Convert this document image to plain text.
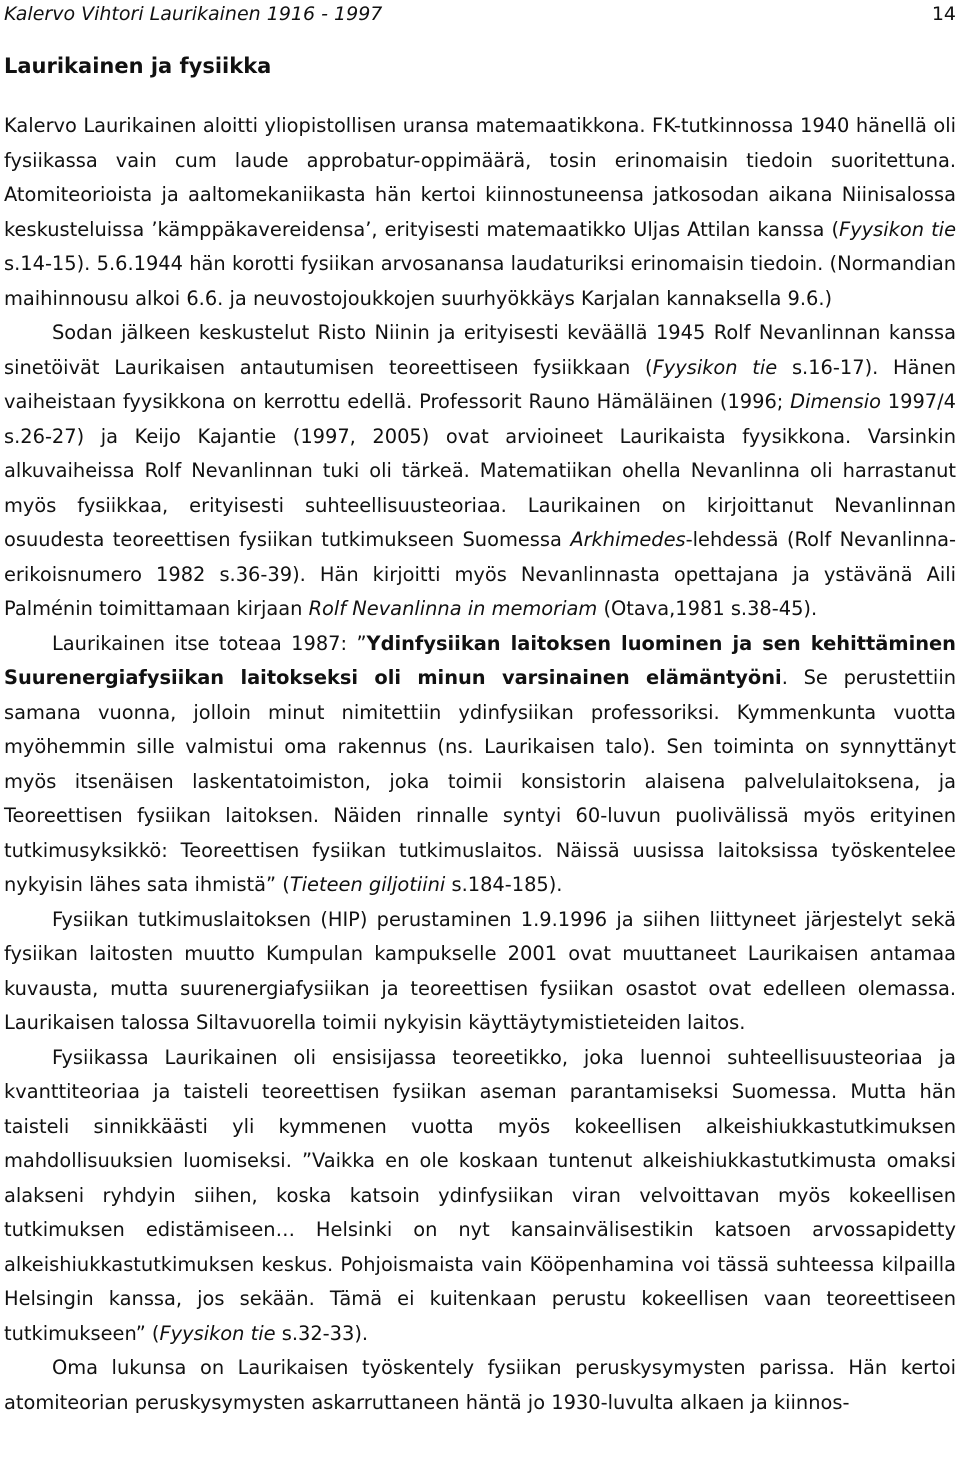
Kalervo Vihtori Laurikainen 1916 - 1997	14
Laurikainen ja fysiikka

Kalervo Laurikainen aloitti yliopistollisen uransa matemaatikkona. FK-tutkinnossa 1940 hänellä oli fysiikassa vain cum laude approbatur-oppimäärä, tosin erinomaisin tiedoin suoritettuna. Atomiteorioista ja aaltomekaniikasta hän kertoi kiinnostuneensa jatkosodan aikana Niinisalossa keskusteluissa ’kämppäkavereidensa’, erityisesti matemaatikko Uljas Attilan kanssa (Fyysikon tie s.14-15). 5.6.1944 hän korotti fysiikan arvosanansa laudaturiksi erinomaisin tiedoin. (Normandian maihinnousu alkoi 6.6. ja neuvostojoukkojen suurhyökkäys Karjalan kannaksella 9.6.)

Sodan jälkeen keskustelut Risto Niinin ja erityisesti keväällä 1945 Rolf Nevanlinnan kanssa sinetöivät Laurikaisen antautumisen teoreettiseen fysiikkaan (Fyysikon tie s.16-17). Hänen vaiheistaan fyysikkona on kerrottu edellä. Professorit Rauno Hämäläinen (1996; Dimensio 1997/4 s.26-27) ja Keijo Kajantie (1997, 2005) ovat arvioineet Laurikaista fyysikkona. Varsinkin alkuvaiheissa Rolf Nevanlinnan tuki oli tärkeä. Matematiikan ohella Nevanlinna oli harrastanut myös fysiikkaa, erityisesti suhteellisuusteoriaa. Laurikainen on kirjoittanut Nevanlinnan osuudesta teoreettisen fysiikan tutkimukseen Suomessa Arkhimedes-lehdessä (Rolf Nevanlinna-erikoisnumero 1982 s.36-39). Hän kirjoitti myös Nevanlinnasta opettajana ja ystävänä Aili Palménin toimittamaan kirjaan Rolf Nevanlinna in memoriam (Otava,1981 s.38-45).

Laurikainen itse toteaa 1987: ”Ydinfysiikan laitoksen luominen ja sen kehittäminen Suurenergiafysiikan laitokseksi oli minun varsinainen elämäntyöni. Se perustettiin samana vuonna, jolloin minut nimitettiin ydinfysiikan professoriksi. Kymmenkunta vuotta myöhemmin sille valmistui oma rakennus (ns. Laurikaisen talo). Sen toiminta on synnyttänyt myös itsenäisen laskentatoimiston, joka toimii konsistorin alaisena palvelulaitoksena, ja Teoreettisen fysiikan laitoksen. Näiden rinnalle syntyi 60-luvun puolivälissä myös erityinen tutkimusyksikkö: Teoreettisen fysiikan tutkimuslaitos. Näissä uusissa laitoksissa työskentelee nykyisin lähes sata ihmistä” (Tieteen giljotiini s.184-185).

Fysiikan tutkimuslaitoksen (HIP) perustaminen 1.9.1996 ja siihen liittyneet järjestelyt sekä fysiikan laitosten muutto Kumpulan kampukselle 2001 ovat muuttaneet Laurikaisen antamaa kuvausta, mutta suurenergiafysiikan ja teoreettisen fysiikan osastot ovat edelleen olemassa. Laurikaisen talossa Siltavuorella toimii nykyisin käyttäytymistieteiden laitos.

Fysiikassa Laurikainen oli ensisijassa teoreetikko, joka luennoi suhteellisuusteoriaa ja kvanttiteoriaa ja taisteli teoreettisen fysiikan aseman parantamiseksi Suomessa. Mutta hän taisteli sinnikkäästi yli kymmenen vuotta myös kokeellisen alkeishiukkastutkimuksen mahdollisuuksien luomiseksi. ”Vaikka en ole koskaan tuntenut alkeishiukkastutkimusta omaksi alakseni ryhdyin siihen, koska katsoin ydinfysiikan viran velvoittavan myös kokeellisen tutkimuksen edistämiseen… Helsinki on nyt kansainvälisestikin katsoen arvossapidetty alkeishiukkastutkimuksen keskus. Pohjoismaista vain Kööpenhamina voi tässä suhteessa kilpailla Helsingin kanssa, jos sekään. Tämä ei kuitenkaan perustu kokeellisen vaan teoreettiseen tutkimukseen” (Fyysikon tie s.32-33).

Oma lukunsa on Laurikaisen työskentely fysiikan peruskysymysten parissa. Hän kertoi atomiteorian peruskysymysten askarruttaneen häntä jo 1930-luvulta alkaen ja kiinnos-
